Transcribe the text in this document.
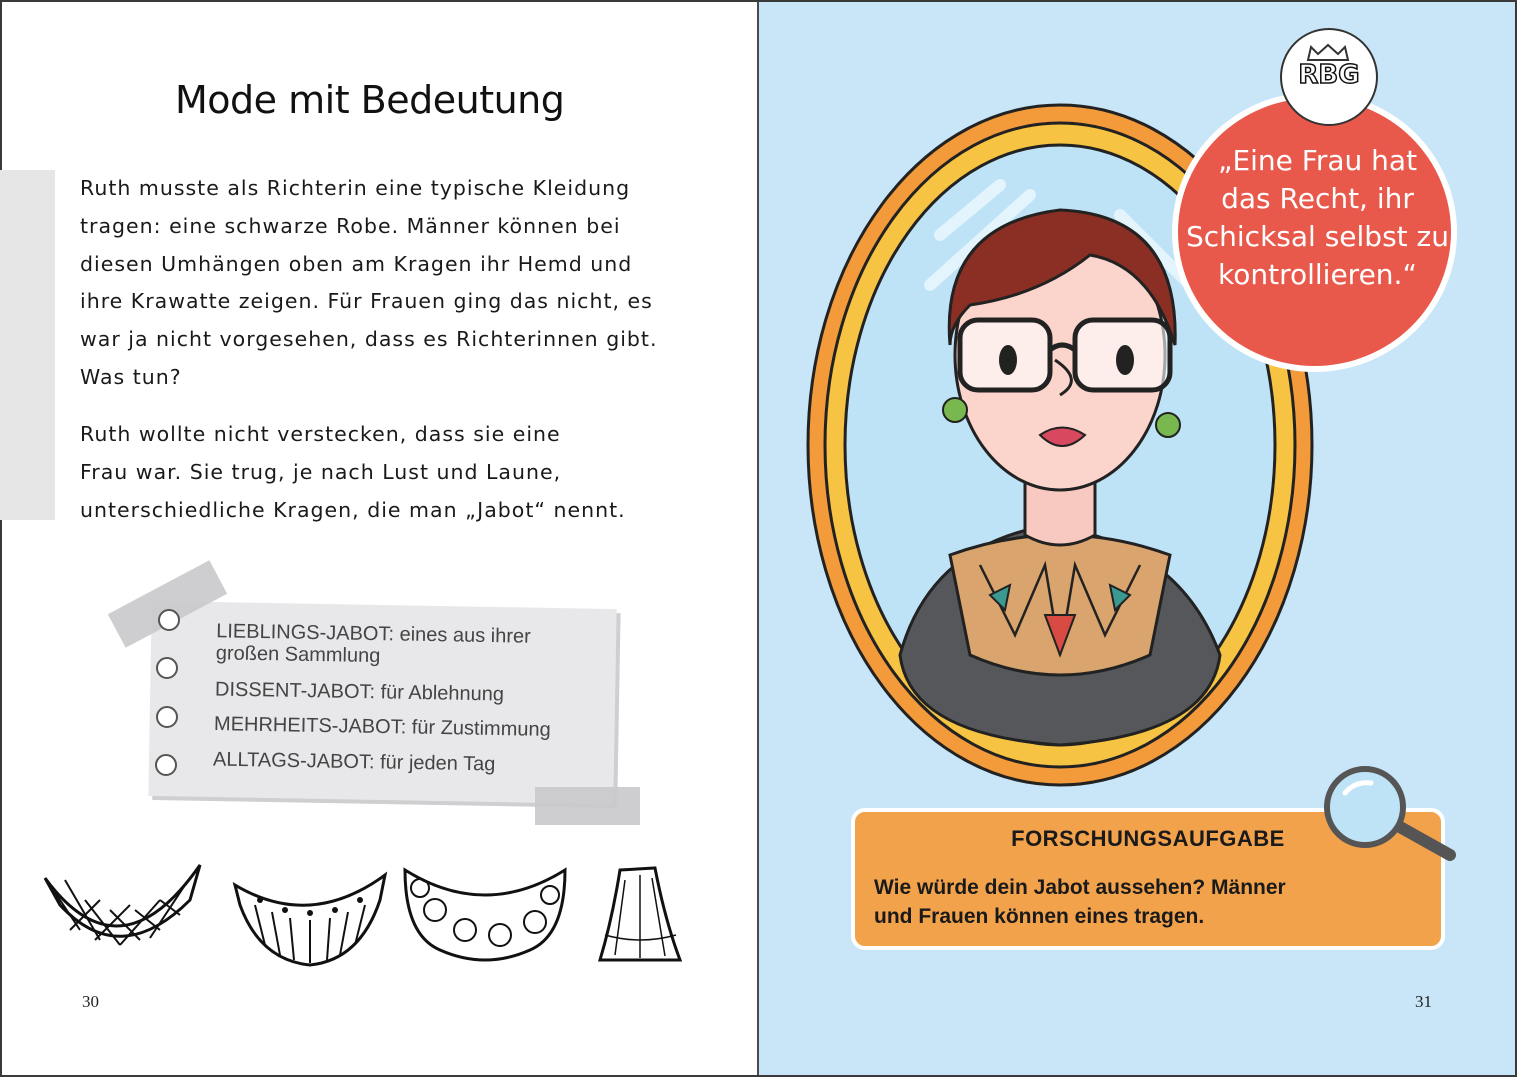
Mode mit Bedeutung

Ruth musste als Richterin eine typische Kleidung

tragen: eine schwarze Robe. Männer können bei

diesen Umhängen oben am Kragen ihr Hemd und

ihre Krawatte zeigen. Für Frauen ging das nicht, es

war ja nicht vorgesehen, dass es Richterinnen gibt.

Was tun?

Ruth wollte nicht verstecken, dass sie eine

Frau war. Sie trug, je nach Lust und Laune,

unterschiedliche Kragen, die man „Jabot“ nennt.

LIEBLINGS-JABOT: eines aus ihrer
großen Sammlung
DISSENT-JABOT: für Ablehnung
MEHRHEITS-JABOT: für Zustimmung
ALLTAGS-JABOT: für jeden Tag
30
„Eine Frau hat
das Recht, ihr
Schicksal selbst zu
kontrollieren.“
RBG
FORSCHUNGSAUFGABE
Wie würde dein Jabot aussehen? Männer
und Frauen können eines tragen.
31
